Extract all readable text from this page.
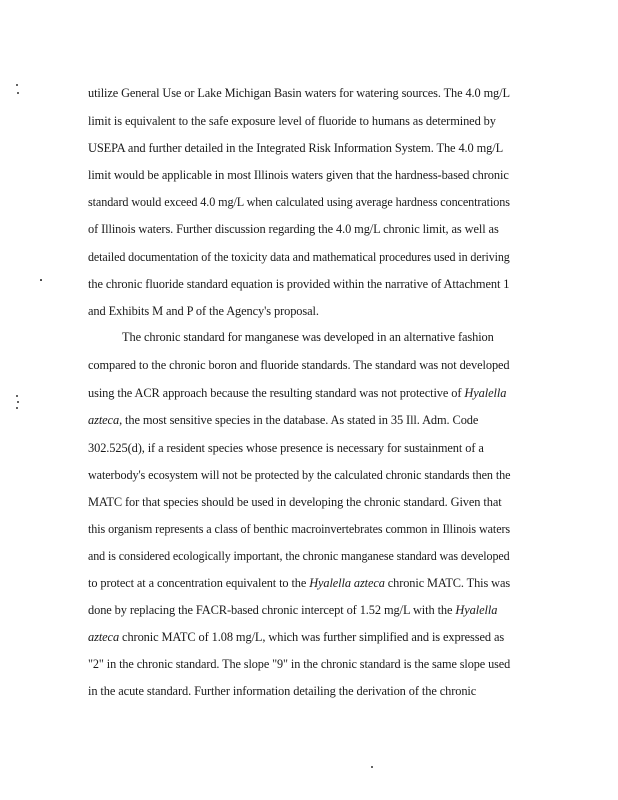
utilize General Use or Lake Michigan Basin waters for watering sources. The 4.0 mg/L
limit is equivalent to the safe exposure level of fluoride to humans as determined by
USEPA and further detailed in the Integrated Risk Information System. The 4.0 mg/L
limit would be applicable in most Illinois waters given that the hardness-based chronic
standard would exceed 4.0 mg/L when calculated using average hardness concentrations
of Illinois waters. Further discussion regarding the 4.0 mg/L chronic limit, as well as
detailed documentation of the toxicity data and mathematical procedures used in deriving
the chronic fluoride standard equation is provided within the narrative of Attachment 1
and Exhibits M and P of the Agency's proposal.
The chronic standard for manganese was developed in an alternative fashion
compared to the chronic boron and fluoride standards. The standard was not developed
using the ACR approach because the resulting standard was not protective of Hyalella
azteca, the most sensitive species in the database. As stated in 35 Ill. Adm. Code
302.525(d), if a resident species whose presence is necessary for sustainment of a
waterbody's ecosystem will not be protected by the calculated chronic standards then the
MATC for that species should be used in developing the chronic standard. Given that
this organism represents a class of benthic macroinvertebrates common in Illinois waters
and is considered ecologically important, the chronic manganese standard was developed
to protect at a concentration equivalent to the Hyalella azteca chronic MATC. This was
done by replacing the FACR-based chronic intercept of 1.52 mg/L with the Hyalella
azteca chronic MATC of 1.08 mg/L, which was further simplified and is expressed as
"2" in the chronic standard. The slope "9" in the chronic standard is the same slope used
in the acute standard. Further information detailing the derivation of the chronic
